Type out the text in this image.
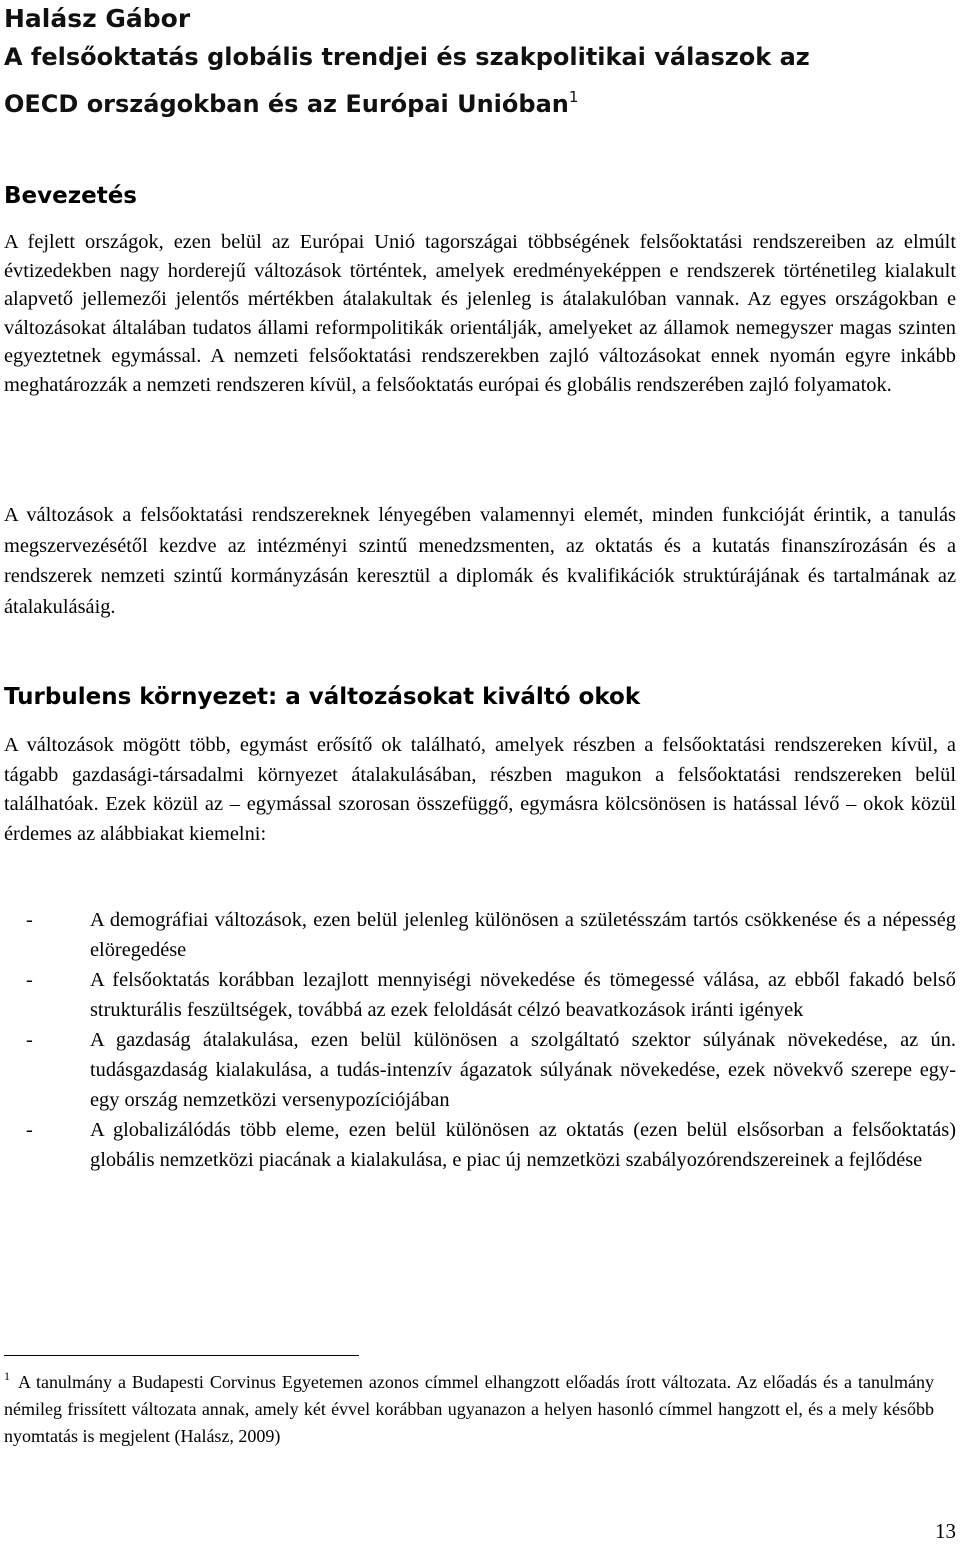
Halász Gábor
A felsőoktatás globális trendjei és szakpolitikai válaszok az
OECD országokban és az Európai Unióban$^1$
Bevezetés

A fejlett országok, ezen belül az Európai Unió tagországai többségének felsőoktatási rendszereiben az elmúlt évtizedekben nagy horderejű változások történtek, amelyek eredményeképpen e rendszerek történetileg kialakult alapvető jellemezői jelentős mértékben átalakultak és jelenleg is átalakulóban vannak. Az egyes országokban e változásokat általában tudatos állami reformpolitikák orientálják, amelyeket az államok nemegyszer magas szinten egyeztetnek egymással. A nemzeti felsőoktatási rendszerekben zajló változásokat ennek nyomán egyre inkább meghatározzák a nemzeti rendszeren kívül, a felsőoktatás európai és globális rendszerében zajló folyamatok.

A változások a felsőoktatási rendszereknek lényegében valamennyi elemét, minden funkcióját érintik, a tanulás megszervezésétől kezdve az intézményi szintű menedzsmenten, az oktatás és a kutatás finanszírozásán és a rendszerek nemzeti szintű kormányzásán keresztül a diplomák és kvalifikációk struktúrájának és tartalmának az átalakulásáig.

Turbulens környezet: a változásokat kiváltó okok

A változások mögött több, egymást erősítő ok található, amelyek részben a felsőoktatási rendszereken kívül, a tágabb gazdasági-társadalmi környezet átalakulásában, részben magukon a felsőoktatási rendszereken belül találhatóak. Ezek közül az – egymással szorosan összefüggő, egymásra kölcsönösen is hatással lévő – okok közül érdemes az alábbiakat kiemelni:

-	A demográfiai változások, ezen belül jelenleg különösen a születésszám tartós csökkenése és a népesség elöregedése
-	A felsőoktatás korábban lezajlott mennyiségi növekedése és tömegessé válása, az ebből fakadó belső strukturális feszültségek, továbbá az ezek feloldását célzó beavatkozások iránti igények
-	A gazdaság átalakulása, ezen belül különösen a szolgáltató szektor súlyának növekedése, az ún. tudásgazdaság kialakulása, a tudás-intenzív ágazatok súlyának növekedése, ezek növekvő szerepe egy-egy ország nemzetközi versenypozíciójában
-	A globalizálódás több eleme, ezen belül különösen az oktatás (ezen belül elsősorban a felsőoktatás) globális nemzetközi piacának a kialakulása, e piac új nemzetközi szabályozórendszereinek a fejlődése
$^1$ A tanulmány a Budapesti Corvinus Egyetemen azonos címmel elhangzott előadás írott változata. Az előadás és a tanulmány némileg frissített változata annak, amely két évvel korábban ugyanazon a helyen hasonló címmel hangzott el, és a mely később nyomtatás is megjelent (Halász, 2009)
13
